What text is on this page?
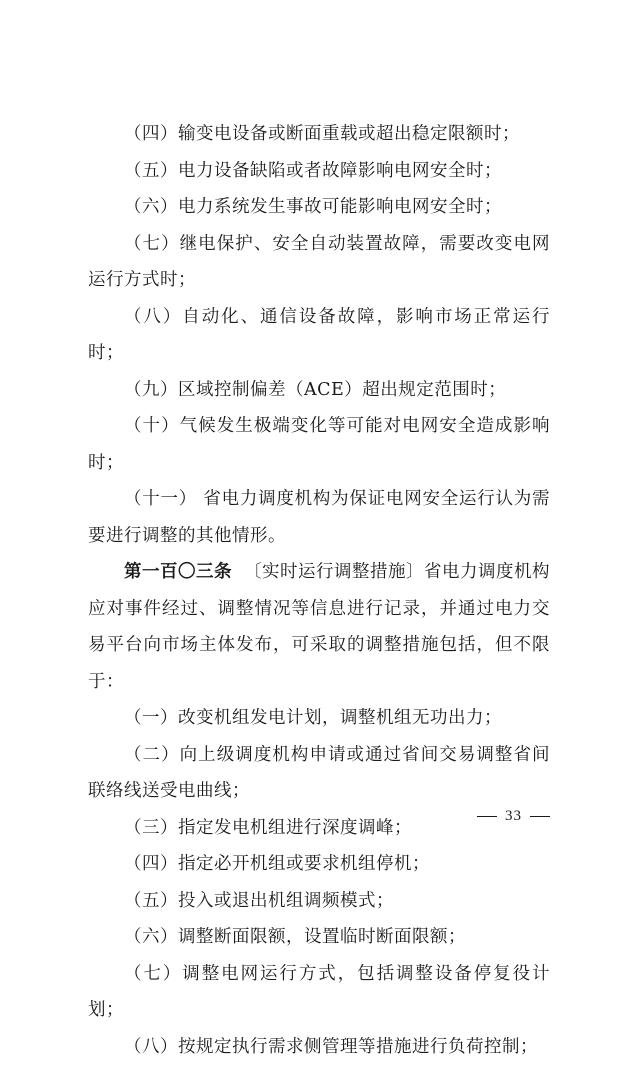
（四）输变电设备或断面重载或超出稳定限额时；

（五）电力设备缺陷或者故障影响电网安全时；

（六）电力系统发生事故可能影响电网安全时；

（七）继电保护、安全自动装置故障，需要改变电网运行方式时；

（八）自动化、通信设备故障，影响市场正常运行时；

（九）区域控制偏差（ACE）超出规定范围时；

（十）气候发生极端变化等可能对电网安全造成影响时；

（十一） 省电力调度机构为保证电网安全运行认为需要进行调整的其他情形。

第一百〇三条 〔实时运行调整措施〕省电力调度机构应对事件经过、调整情况等信息进行记录，并通过电力交易平台向市场主体发布，可采取的调整措施包括，但不限于：

（一）改变机组发电计划，调整机组无功出力；

（二）向上级调度机构申请或通过省间交易调整省间联络线送受电曲线；

（三）指定发电机组进行深度调峰；

（四）指定必开机组或要求机组停机；

（五）投入或退出机组调频模式；

（六）调整断面限额，设置临时断面限额；

（七）调整电网运行方式，包括调整设备停复役计划；

（八）按规定执行需求侧管理等措施进行负荷控制；

33
